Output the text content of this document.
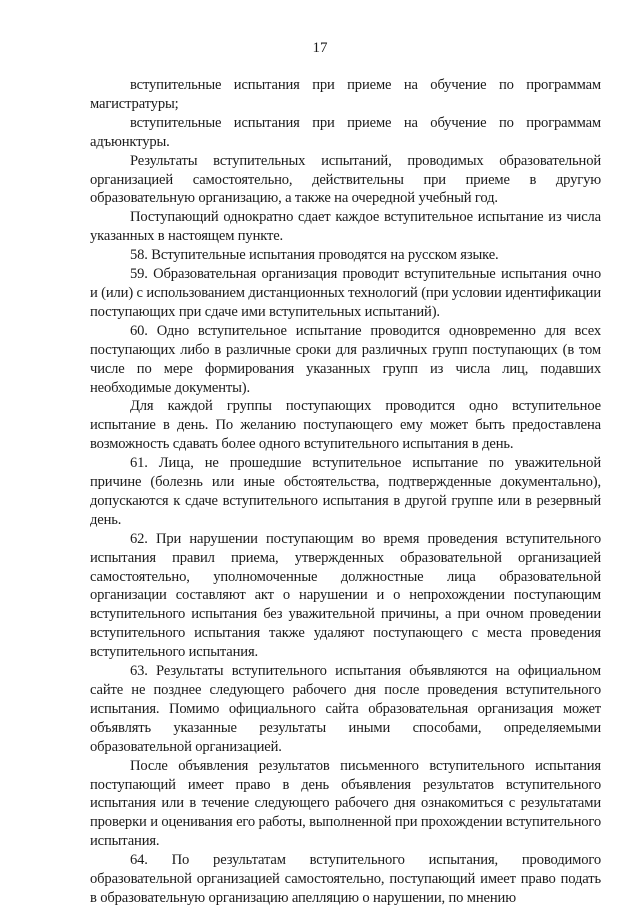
17

вступительные испытания при приеме на обучение по программам магистратуры;

вступительные испытания при приеме на обучение по программам адъюнктуры.

Результаты вступительных испытаний, проводимых образовательной организацией самостоятельно, действительны при приеме в другую образовательную организацию, а также на очередной учебный год.

Поступающий однократно сдает каждое вступительное испытание из числа указанных в настоящем пункте.

58. Вступительные испытания проводятся на русском языке.

59. Образовательная организация проводит вступительные испытания очно и (или) с использованием дистанционных технологий (при условии идентификации поступающих при сдаче ими вступительных испытаний).

60. Одно вступительное испытание проводится одновременно для всех поступающих либо в различные сроки для различных групп поступающих (в том числе по мере формирования указанных групп из числа лиц, подавших необходимые документы).

Для каждой группы поступающих проводится одно вступительное испытание в день. По желанию поступающего ему может быть предоставлена возможность сдавать более одного вступительного испытания в день.

61. Лица, не прошедшие вступительное испытание по уважительной причине (болезнь или иные обстоятельства, подтвержденные документально), допускаются к сдаче вступительного испытания в другой группе или в резервный день.

62. При нарушении поступающим во время проведения вступительного испытания правил приема, утвержденных образовательной организацией самостоятельно, уполномоченные должностные лица образовательной организации составляют акт о нарушении и о непрохождении поступающим вступительного испытания без уважительной причины, а при очном проведении вступительного испытания также удаляют поступающего с места проведения вступительного испытания.

63. Результаты вступительного испытания объявляются на официальном сайте не позднее следующего рабочего дня после проведения вступительного испытания. Помимо официального сайта образовательная организация может объявлять указанные результаты иными способами, определяемыми образовательной организацией.

После объявления результатов письменного вступительного испытания поступающий имеет право в день объявления результатов вступительного испытания или в течение следующего рабочего дня ознакомиться с результатами проверки и оценивания его работы, выполненной при прохождении вступительного испытания.

64. По результатам вступительного испытания, проводимого образовательной организацией самостоятельно, поступающий имеет право подать в образовательную организацию апелляцию о нарушении, по мнению
